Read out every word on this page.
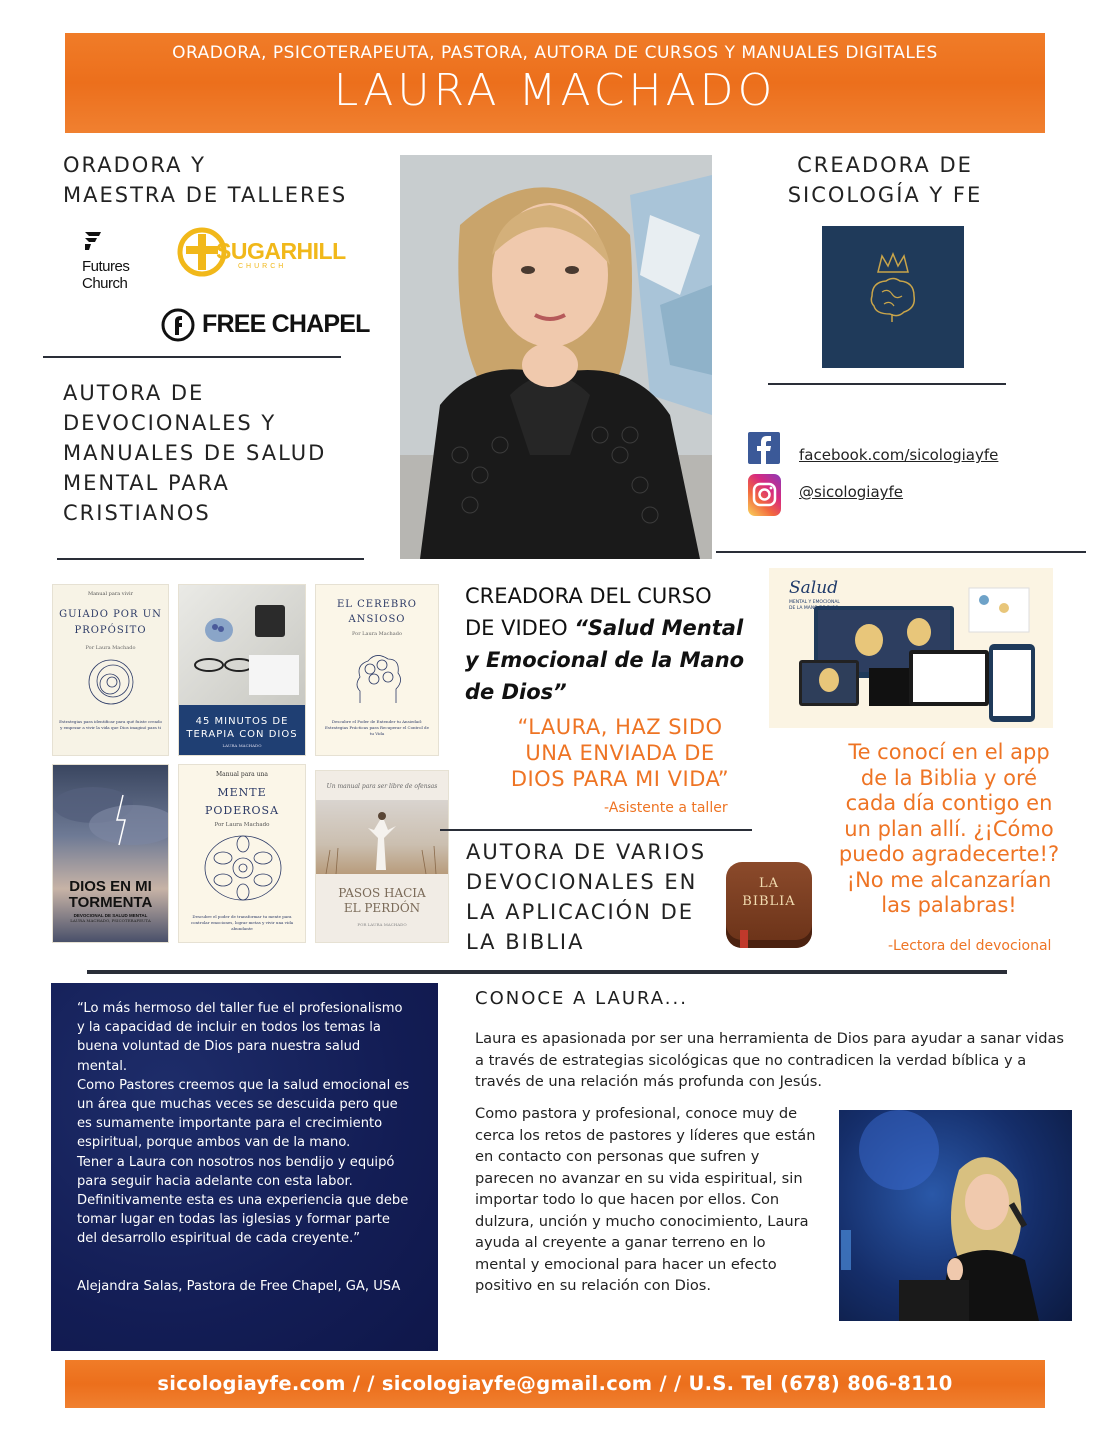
ORADORA, PSICOTERAPEUTA, PASTORA, AUTORA DE CURSOS Y MANUALES DIGITALES
LAURA MACHADO
ORADORA Y
MAESTRA DE TALLERES
Futures
Church
SUGARHILL
CHURCH
FREE CHAPEL
AUTORA DE
DEVOCIONALES Y
MANUALES DE SALUD
MENTAL PARA
CRISTIANOS
CREADORA DE
SICOLOGÍA Y FE
facebook.com/sicologiayfe
@sicologiayfe
Manual para vivir
GUIADO POR UN PROPÓSITO
Por Laura Machado
Estrategias para identificar para qué fuiste creado y empezar a vivir la vida que Dios imaginó para ti
45 MINUTOS DE TERAPIA CON DIOS
LAURA MACHADO
EL CEREBRO ANSIOSO
Por Laura Machado
Descubre el Poder de Entender tu Ansiedad: Estrategias Prácticas para Recuperar el Control de tu Vida
DIOS EN MI TORMENTA
DEVOCIONAL DE SALUD MENTAL
LAURA MACHADO, PSICOTERAPEUTA
Manual para una
MENTE PODEROSA
Por Laura Machado
Descubre el poder de transformar tu mente para controlar emociones, lograr metas y vivir una vida abundante
Un manual para ser libre de ofensas
PASOS HACIA EL PERDÓN
POR LAURA MACHADO
CREADORA DEL CURSO
DE VIDEO “Salud Mental
y Emocional de la Mano
de Dios”
“LAURA, HAZ SIDO
UNA ENVIADA DE
DIOS PARA MI VIDA”
-Asistente a taller
Salud
MENTAL Y EMOCIONAL
DE LA MANO DE DIOS
Te conocí en el app
de la Biblia y oré
cada día contigo en
un plan allí. ¿¡Cómo
puedo agradecerte!?
¡No me alcanzarían
las palabras!
-Lectora del devocional
AUTORA DE VARIOS
DEVOCIONALES EN
LA APLICACIÓN DE
LA BIBLIA
LA
BIBLIA
“Lo más hermoso del taller fue el profesionalismo y la capacidad de incluir en todos los temas la buena voluntad de Dios para nuestra salud mental.
Como Pastores creemos que la salud emocional es un área que muchas veces se descuida pero que es sumamente importante para el crecimiento espiritual, porque ambos van de la mano.
Tener a Laura con nosotros nos bendijo y equipó para seguir hacia adelante con esta labor. Definitivamente esta es una experiencia que debe tomar lugar en todas las iglesias y formar parte del desarrollo espiritual de cada creyente.”
Alejandra Salas, Pastora de Free Chapel, GA, USA
CONOCE A LAURA...
Laura es apasionada por ser una herramienta de Dios para ayudar a sanar vidas a través de estrategias sicológicas que no contradicen la verdad bíblica y a través de una relación más profunda con Jesús.
Como pastora y profesional, conoce muy de cerca los retos de pastores y líderes que están en contacto con personas que sufren y parecen no avanzar en su vida espiritual, sin importar todo lo que hacen por ellos. Con dulzura, unción y mucho conocimiento, Laura ayuda al creyente a ganar terreno en lo mental y emocional para hacer un efecto positivo en su relación con Dios.
sicologiayfe.com / / sicologiayfe@gmail.com / / U.S. Tel (678) 806-8110
